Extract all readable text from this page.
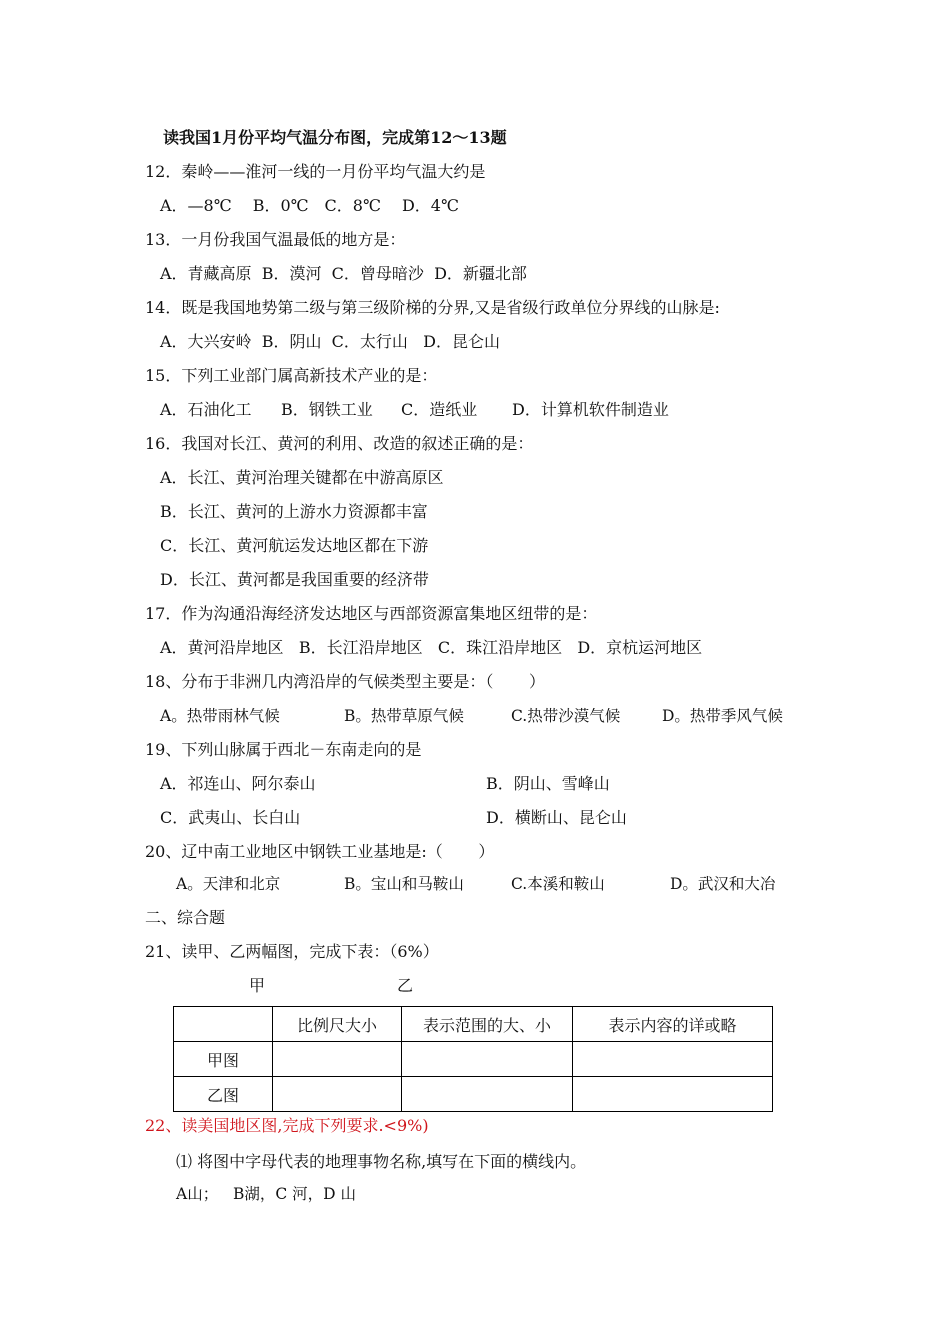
读我国1月份平均气温分布图，完成第12～13题
12．秦岭——淮河一线的一月份平均气温大约是
A．—8℃　 B．0℃　C．8℃　 D．4℃
13．一月份我国气温最低的地方是：
A．青藏高原  B．漠河  C．曾母暗沙  D．新疆北部
14．既是我国地势第二级与第三级阶梯的分界,又是省级行政单位分界线的山脉是:
A．大兴安岭  B．阴山  C．太行山   D．昆仑山
15．下列工业部门属高新技术产业的是：
A．石油化工 B．钢铁工业 C．造纸业 D．计算机软件制造业
16．我国对长江、黄河的利用、改造的叙述正确的是：
A．长江、黄河治理关键都在中游高原区
B．长江、黄河的上游水力资源都丰富
C．长江、黄河航运发达地区都在下游
D．长江、黄河都是我国重要的经济带
17．作为沟通沿海经济发达地区与西部资源富集地区纽带的是：
A．黄河沿岸地区   B．长江沿岸地区   C．珠江沿岸地区   D．京杭运河地区
18、分布于非洲几内湾沿岸的气候类型主要是：（       ）
A。热带雨林气候	B。热带草原气候	C.热带沙漠气候	D。热带季风气候
19、下列山脉属于西北－东南走向的是
A．祁连山、阿尔泰山	B．阴山、雪峰山
C．武夷山、长白山	D．横断山、昆仑山
20、辽中南工业地区中钢铁工业基地是:（       ）
A。天津和北京	B。宝山和马鞍山	C.本溪和鞍山	D。武汉和大冶
二、综合题
21、读甲、乙两幅图，完成下表：（6%）
甲	乙
	比例尺大小	表示范围的大、小	表示内容的详或略
甲图			
乙图			
22、读美国地区图,完成下列要求.<9%)
⑴ 将图中字母代表的地理事物名称,填写在下面的横线内。
A山；   B湖，C 河，D 山
